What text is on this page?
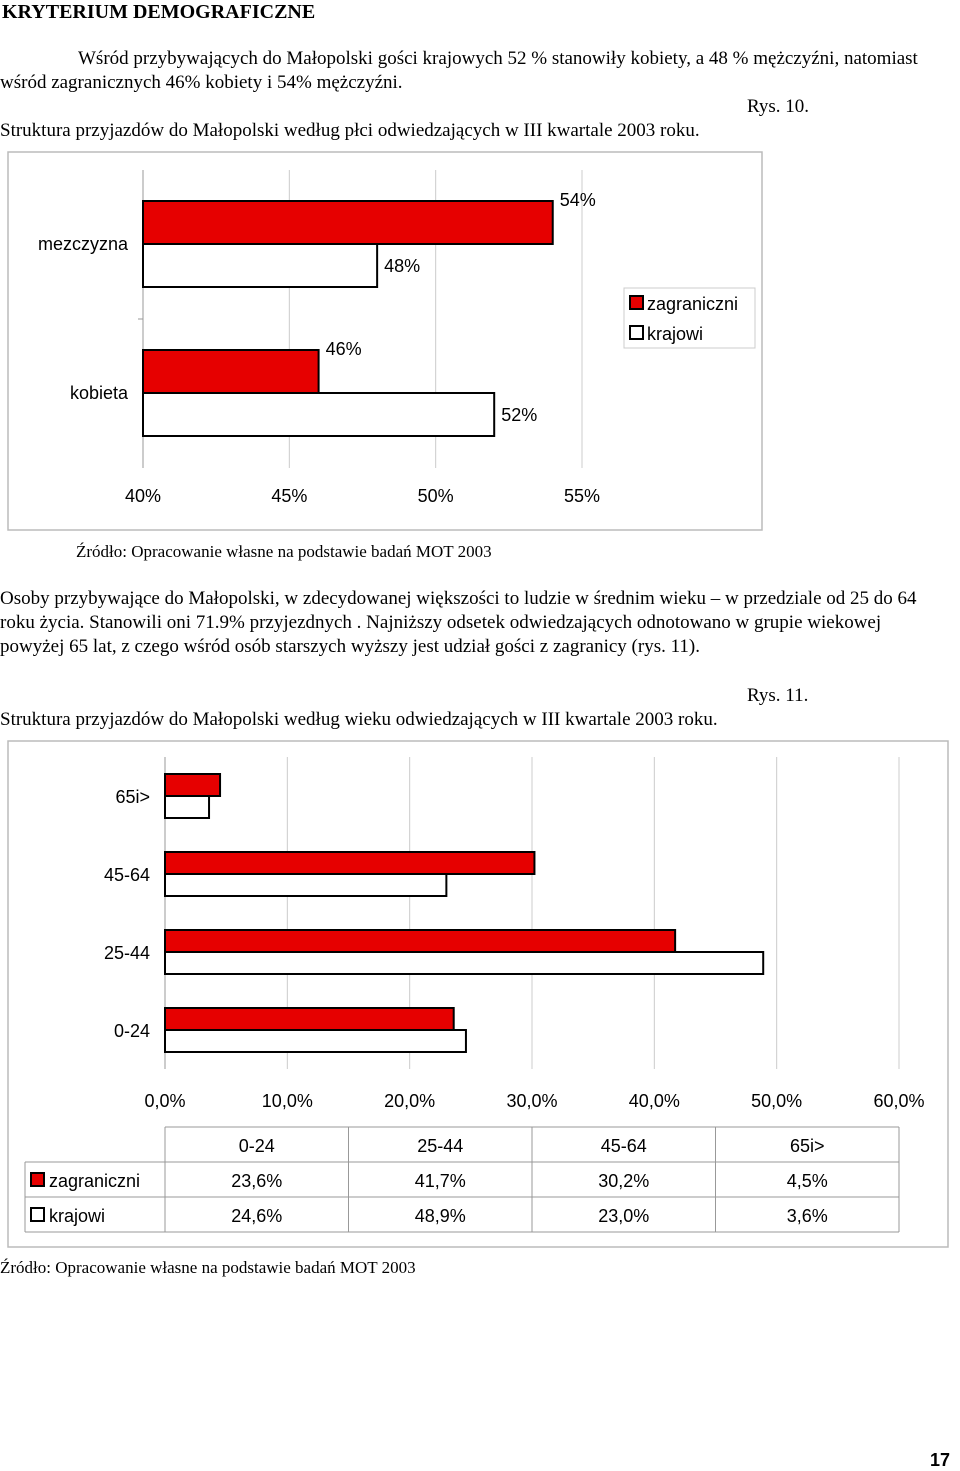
KRYTERIUM DEMOGRAFICZNE
Wśród przybywających do Małopolski gości krajowych 52 % stanowiły kobiety, a 48 % mężczyźni, natomiast wśród zagranicznych 46% kobiety i 54% mężczyźni.
Rys. 10.
Struktura przyjazdów do Małopolski według płci odwiedzających w III kwartale 2003 roku.
40%	45%	50%	55%
mezczyzna
54%
48%
kobieta
46%
52%
zagraniczni
krajowi
Źródło: Opracowanie własne na podstawie badań MOT 2003
Osoby przybywające do Małopolski, w zdecydowanej większości to ludzie w średnim wieku – w przedziale od 25 do 64 roku życia. Stanowili oni 71.9% przyjezdnych . Najniższy odsetek odwiedzających odnotowano w grupie wiekowej powyżej 65 lat, z czego wśród osób starszych wyższy jest udział gości z zagranicy (rys. 11).
Rys. 11.
Struktura przyjazdów do Małopolski według wieku odwiedzających w III kwartale 2003 roku.
0,0%	10,0%	20,0%	30,0%	40,0%	50,0%	60,0%
65i>
45-64
25-44
0-24
0-24	25-44	45-64	65i>
zagraniczni	23,6%	41,7%	30,2%	4,5%
krajowi	24,6%	48,9%	23,0%	3,6%
Źródło: Opracowanie własne na podstawie badań MOT 2003
17
